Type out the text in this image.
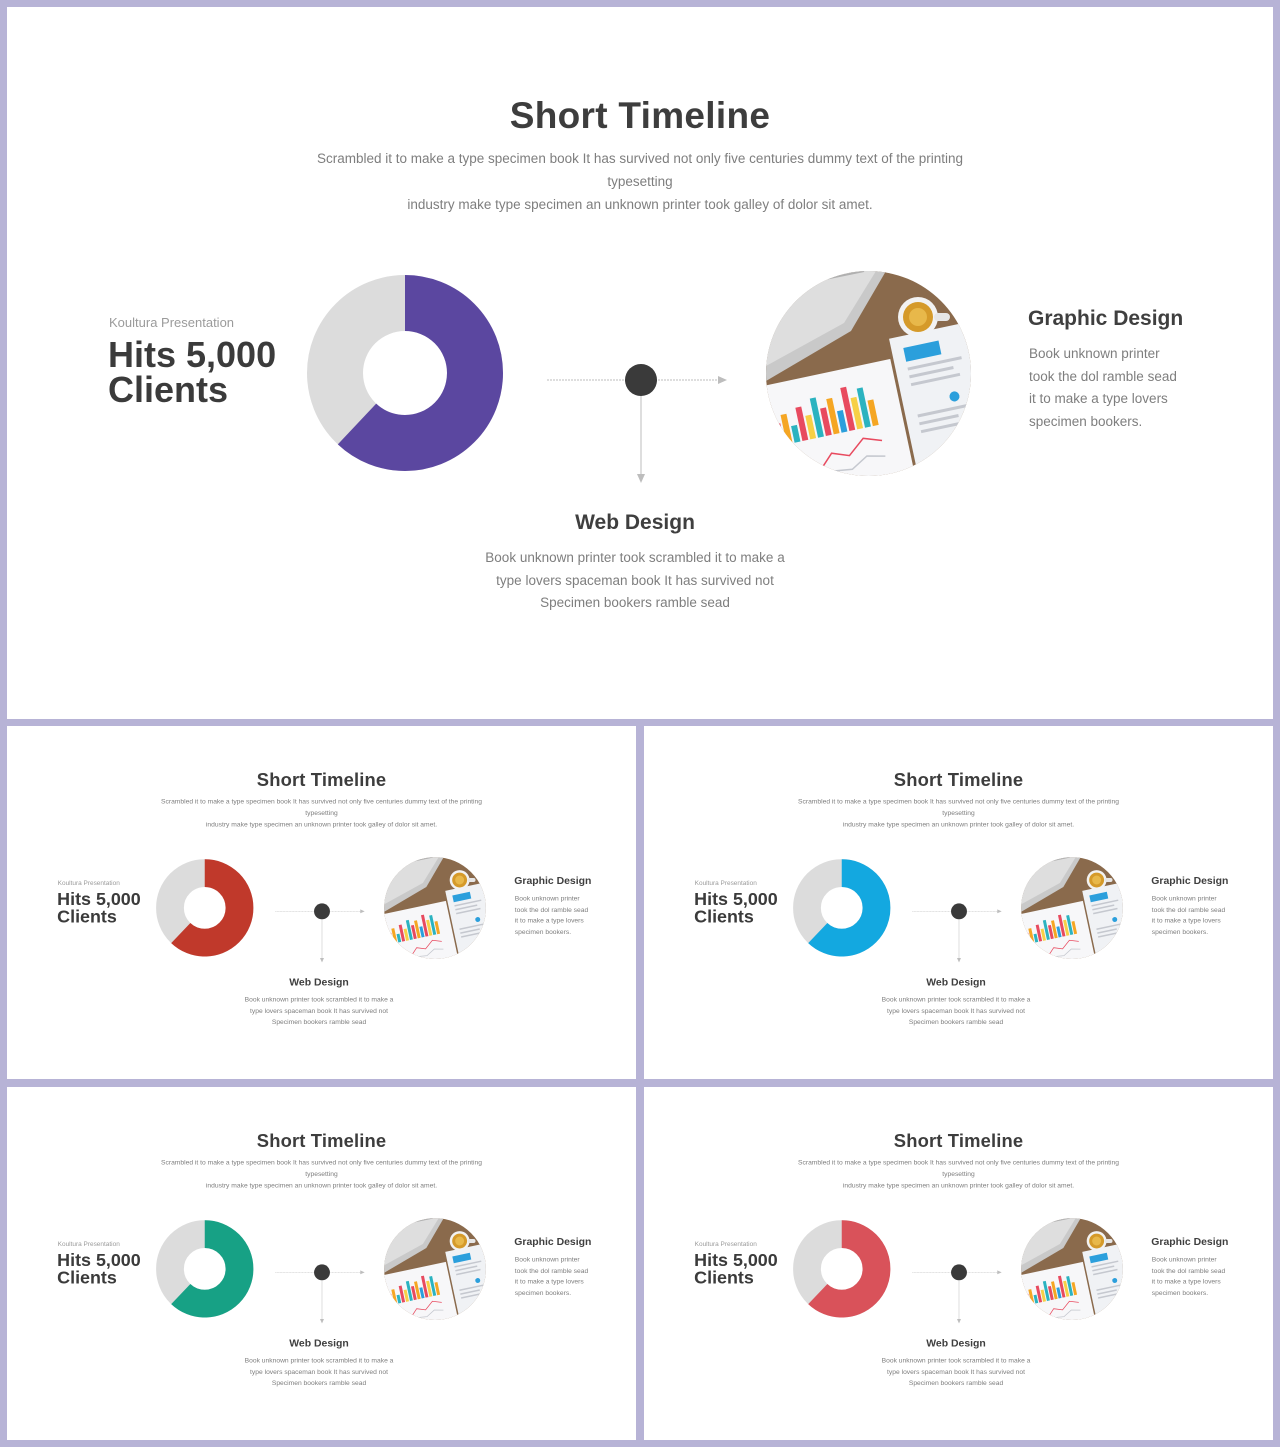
Short Timeline
Scrambled it to make a type specimen book It has survived not only five centuries dummy text of the printing typesetting
industry make type specimen an unknown printer took galley of dolor sit amet.
Koultura Presentation
Hits 5,000
Clients
Graphic Design
Book unknown printer
took the dol ramble sead
it to make a type lovers
specimen bookers.
Web Design
Book unknown printer took scrambled it to make a
type lovers spaceman book It has survived not
Specimen bookers ramble sead
Short Timeline
Scrambled it to make a type specimen book It has survived not only five centuries dummy text of the printing typesetting
industry make type specimen an unknown printer took galley of dolor sit amet.
Koultura Presentation
Hits 5,000
Clients
Graphic Design
Book unknown printer
took the dol ramble sead
it to make a type lovers
specimen bookers.
Web Design
Book unknown printer took scrambled it to make a
type lovers spaceman book It has survived not
Specimen bookers ramble sead
Short Timeline
Scrambled it to make a type specimen book It has survived not only five centuries dummy text of the printing typesetting
industry make type specimen an unknown printer took galley of dolor sit amet.
Koultura Presentation
Hits 5,000
Clients
Graphic Design
Book unknown printer
took the dol ramble sead
it to make a type lovers
specimen bookers.
Web Design
Book unknown printer took scrambled it to make a
type lovers spaceman book It has survived not
Specimen bookers ramble sead
Short Timeline
Scrambled it to make a type specimen book It has survived not only five centuries dummy text of the printing typesetting
industry make type specimen an unknown printer took galley of dolor sit amet.
Koultura Presentation
Hits 5,000
Clients
Graphic Design
Book unknown printer
took the dol ramble sead
it to make a type lovers
specimen bookers.
Web Design
Book unknown printer took scrambled it to make a
type lovers spaceman book It has survived not
Specimen bookers ramble sead
Short Timeline
Scrambled it to make a type specimen book It has survived not only five centuries dummy text of the printing typesetting
industry make type specimen an unknown printer took galley of dolor sit amet.
Koultura Presentation
Hits 5,000
Clients
Graphic Design
Book unknown printer
took the dol ramble sead
it to make a type lovers
specimen bookers.
Web Design
Book unknown printer took scrambled it to make a
type lovers spaceman book It has survived not
Specimen bookers ramble sead
